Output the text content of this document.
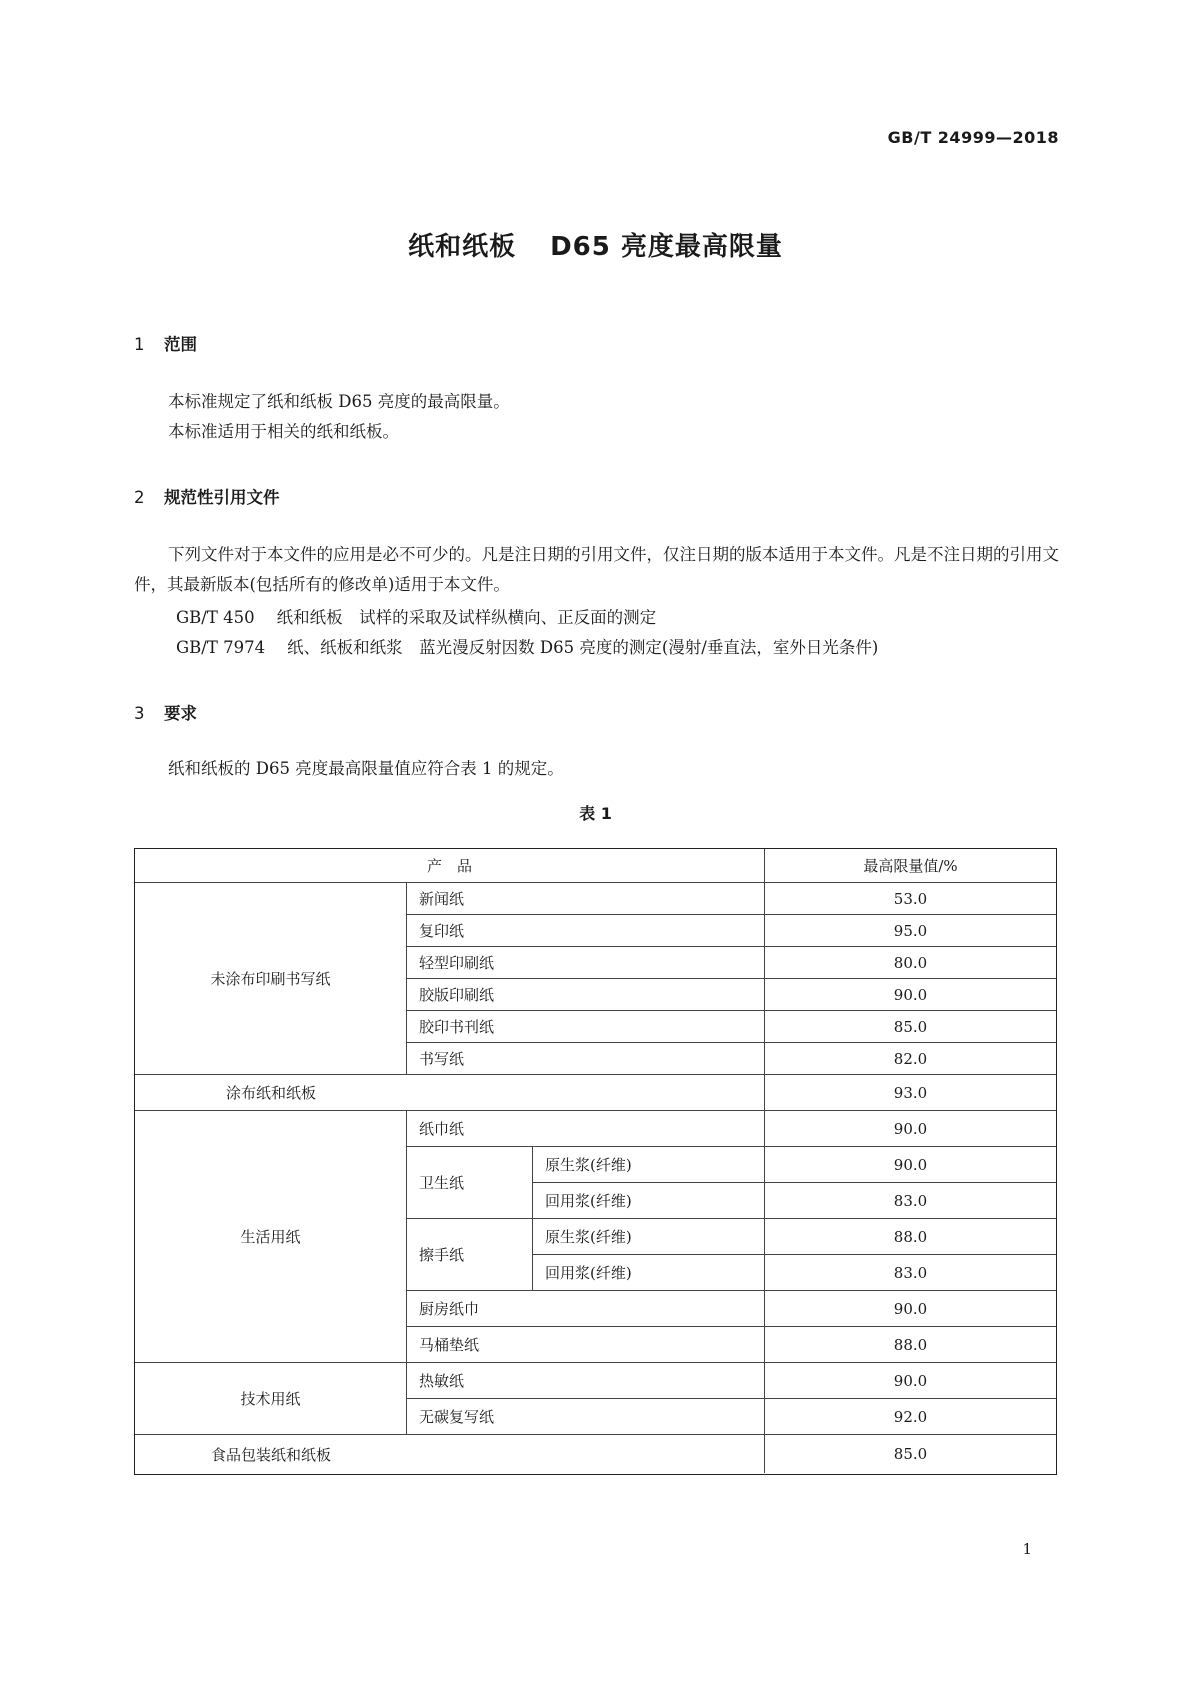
GB/T 24999—2018
纸和纸板 D65 亮度最高限量
1 范围
本标准规定了纸和纸板 D65 亮度的最高限量。
本标准适用于相关的纸和纸板。
2 规范性引用文件
下列文件对于本文件的应用是必不可少的。凡是注日期的引用文件，仅注日期的版本适用于本文件。凡是不注日期的引用文件，其最新版本(包括所有的修改单)适用于本文件。
GB/T 450 纸和纸板　试样的采取及试样纵横向、正反面的测定
GB/T 7974 纸、纸板和纸浆　蓝光漫反射因数 D65 亮度的测定(漫射/垂直法，室外日光条件)
3 要求
纸和纸板的 D65 亮度最高限量值应符合表 1 的规定。
表 1
产　品	最高限量值/%
未涂布印刷书写纸
新闻纸	53.0
复印纸	95.0
轻型印刷纸	80.0
胶版印刷纸	90.0
胶印书刊纸	85.0
书写纸	82.0
涂布纸和纸板	93.0
生活用纸
纸巾纸	90.0
卫生纸
原生浆(纤维)	90.0
回用浆(纤维)	83.0
擦手纸
原生浆(纤维)	88.0
回用浆(纤维)	83.0
厨房纸巾	90.0
马桶垫纸	88.0
技术用纸
热敏纸	90.0
无碳复写纸	92.0
食品包装纸和纸板	85.0
1
